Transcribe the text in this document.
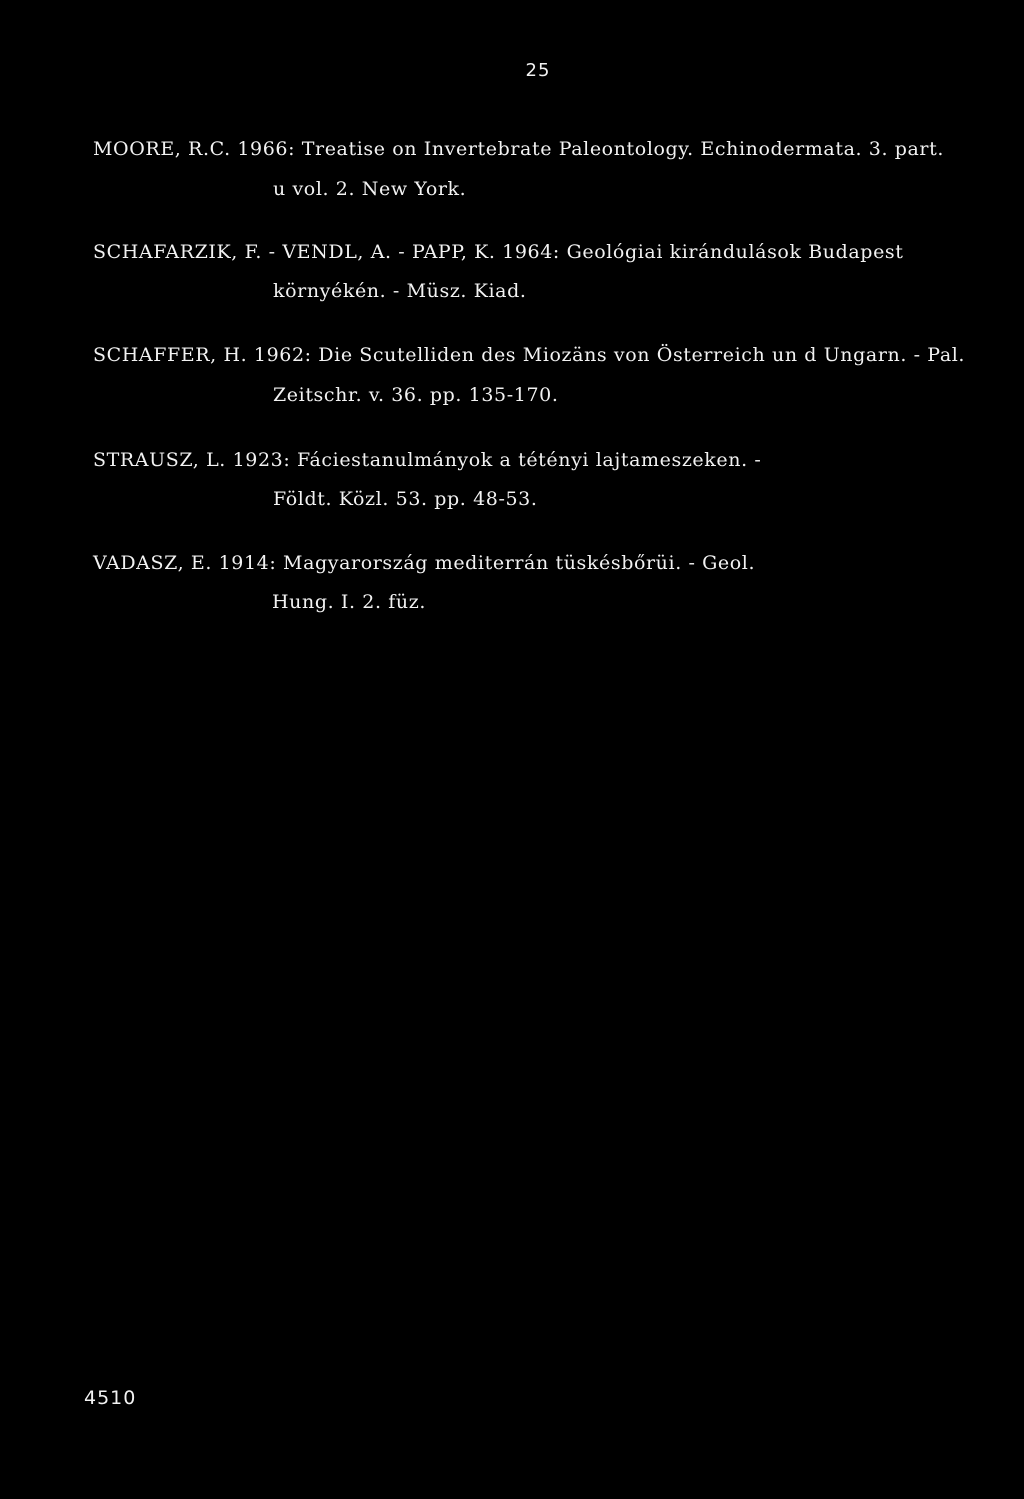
25
MOORE, R.C. 1966: Treatise on Invertebrate Paleontology. Echinodermata. 3. part.
u vol. 2. New York.
SCHAFARZIK, F. - VENDL, A. - PAPP, K. 1964: Geológiai kirándulások Budapest
környékén. - Müsz. Kiad.
SCHAFFER, H. 1962: Die Scutelliden des Miozäns von Österreich un d Ungarn. - Pal.
Zeitschr. v. 36. pp. 135-170.
STRAUSZ, L. 1923: Fáciestanulmányok a tétényi lajtameszeken. -
Földt. Közl. 53. pp. 48-53.
VADASZ, E. 1914: Magyarország mediterrán tüskésbőrüi. - Geol.
Hung. I. 2. füz.
4510
